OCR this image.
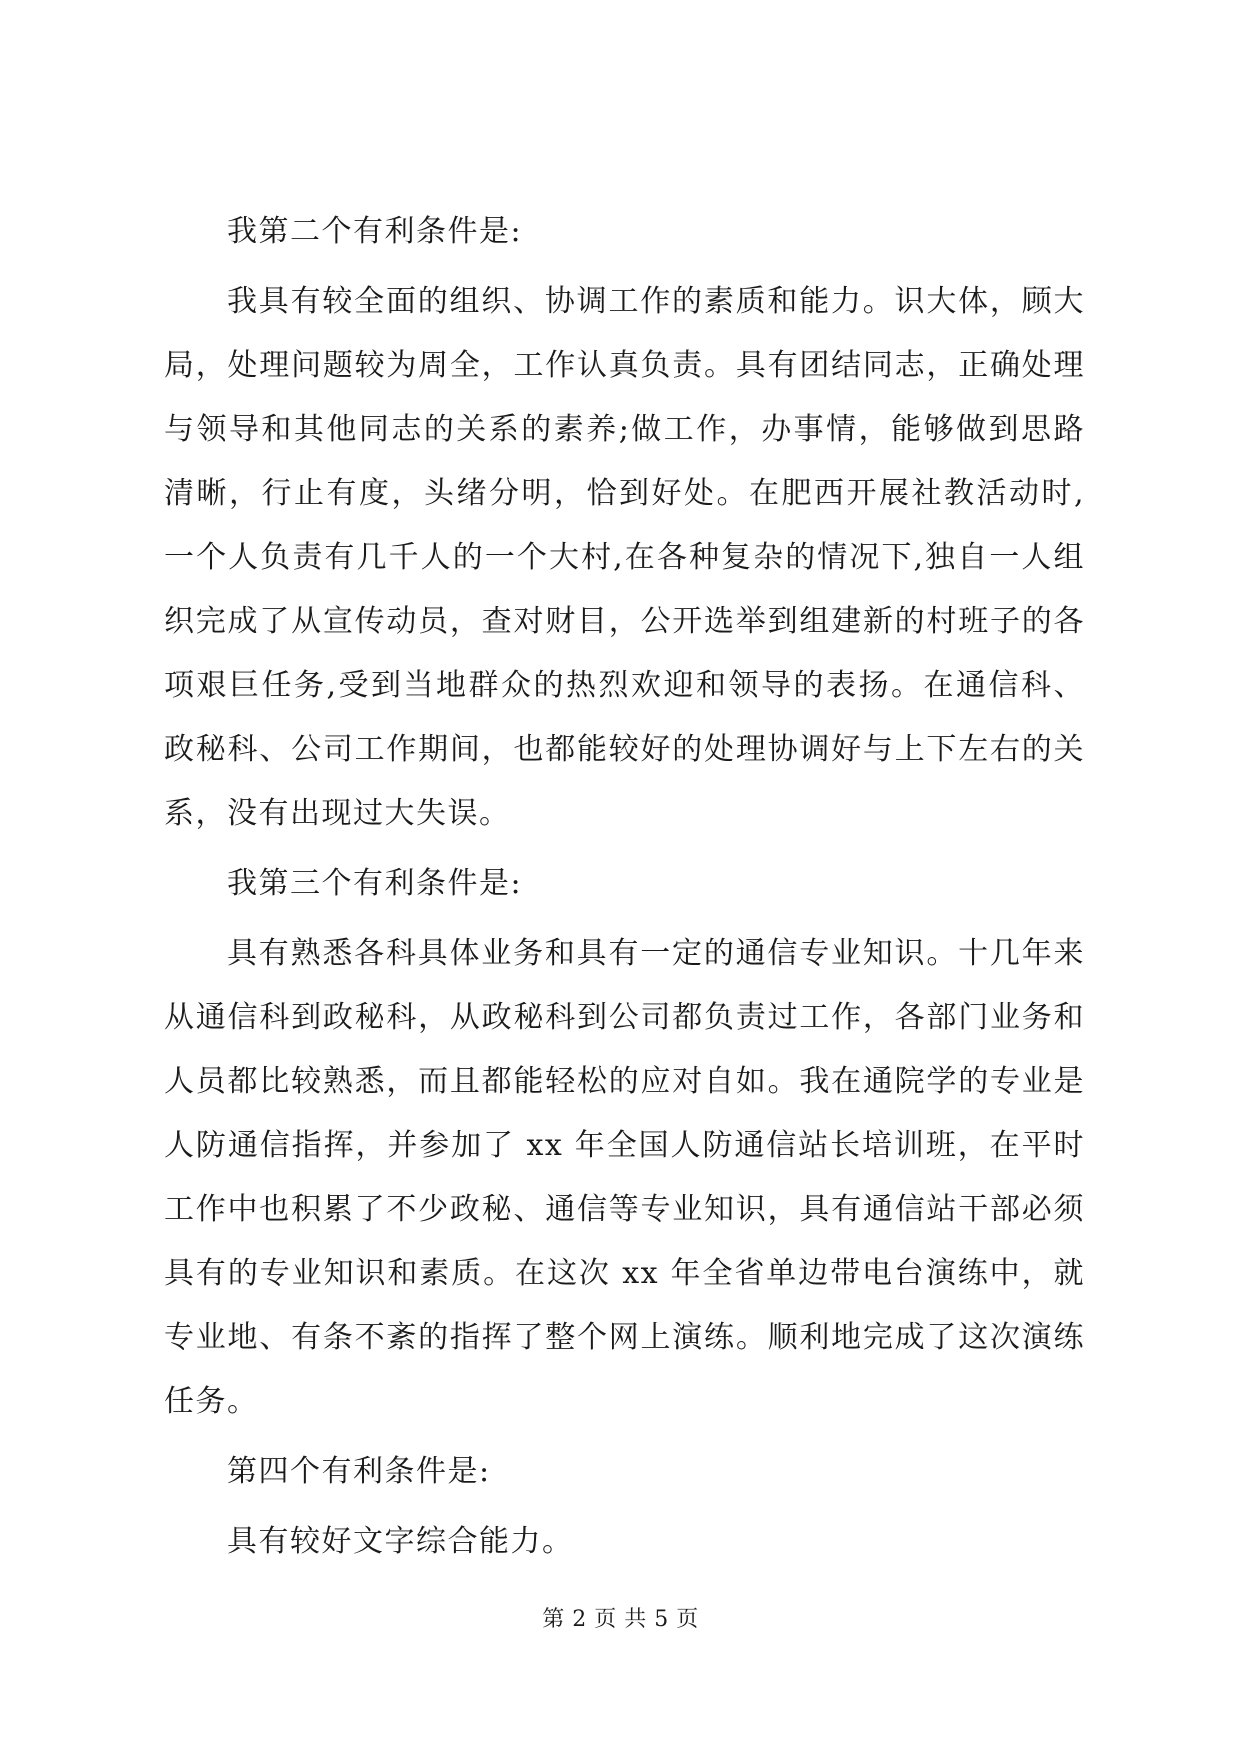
我第二个有利条件是:

我具有较全面的组织、协调工作的素质和能力。识大体，顾大局，处理问题较为周全，工作认真负责。具有团结同志，正确处理与领导和其他同志的关系的素养;做工作，办事情，能够做到思路清晰，行止有度，头绪分明，恰到好处。在肥西开展社教活动时,一个人负责有几千人的一个大村,在各种复杂的情况下,独自一人组织完成了从宣传动员，查对财目，公开选举到组建新的村班子的各项艰巨任务,受到当地群众的热烈欢迎和领导的表扬。在通信科、政秘科、公司工作期间，也都能较好的处理协调好与上下左右的关系，没有出现过大失误。

我第三个有利条件是:

具有熟悉各科具体业务和具有一定的通信专业知识。十几年来从通信科到政秘科，从政秘科到公司都负责过工作，各部门业务和人员都比较熟悉，而且都能轻松的应对自如。我在通院学的专业是人防通信指挥，并参加了 xx 年全国人防通信站长培训班，在平时工作中也积累了不少政秘、通信等专业知识，具有通信站干部必须具有的专业知识和素质。在这次 xx 年全省单边带电台演练中，就专业地、有条不紊的指挥了整个网上演练。顺利地完成了这次演练任务。

第四个有利条件是:

具有较好文字综合能力。

第 2 页 共 5 页
